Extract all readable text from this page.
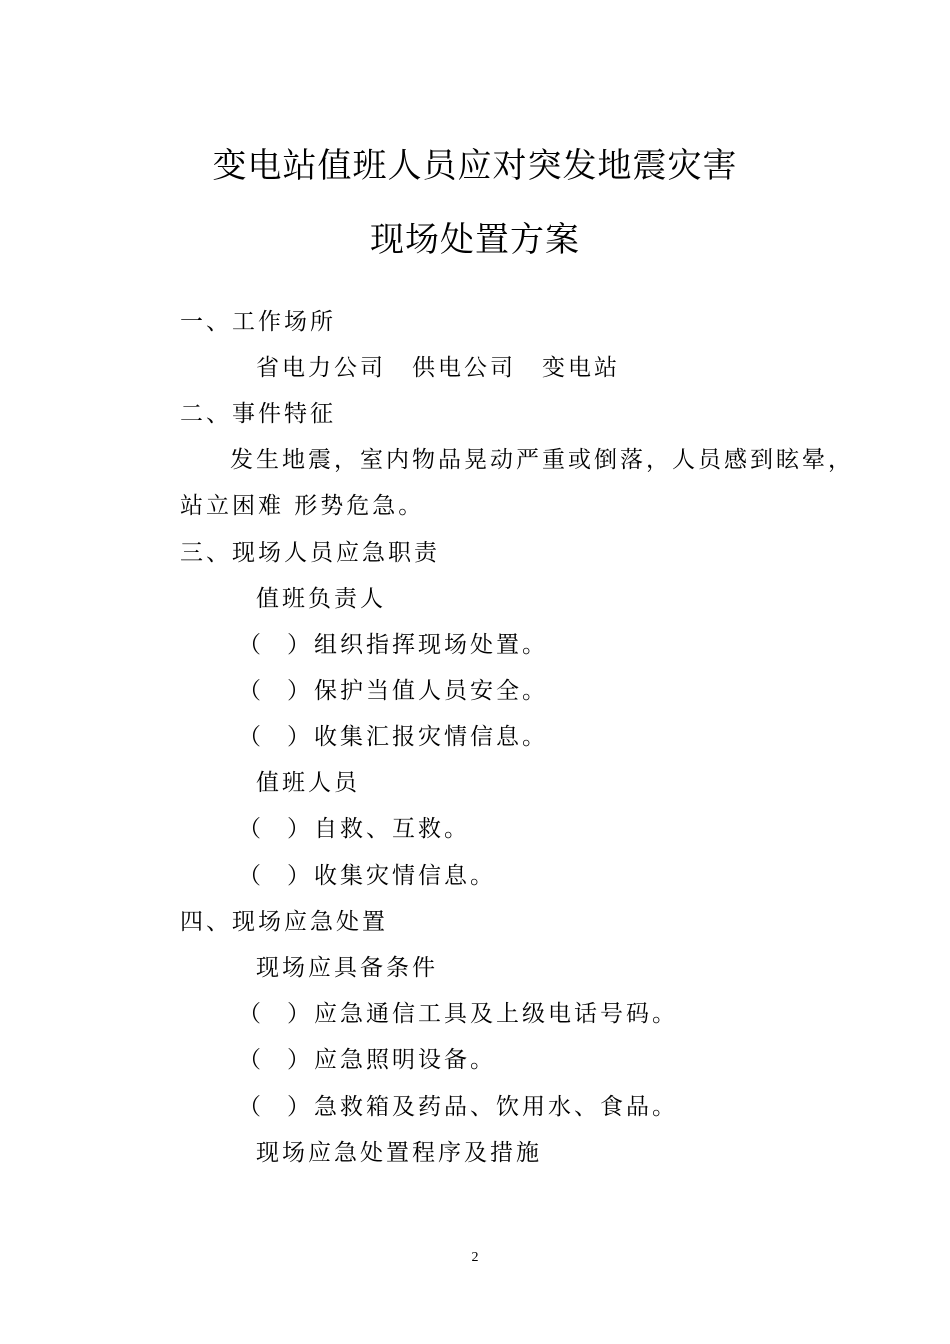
变电站值班人员应对突发地震灾害
现场处置方案
一、工作场所
省电力公司　供电公司　变电站
二、事件特征
发生地震，室内物品晃动严重或倒落，人员感到眩晕，
站立困难 形势危急。
三、现场人员应急职责
值班负责人
（ ） 组织指挥现场处置。
（ ） 保护当值人员安全。
（ ） 收集汇报灾情信息。
值班人员
（ ） 自救、互救。
（ ） 收集灾情信息。
四、现场应急处置
现场应具备条件
（ ） 应急通信工具及上级电话号码。
（ ） 应急照明设备。
（ ） 急救箱及药品、饮用水、食品。
现场应急处置程序及措施
2
